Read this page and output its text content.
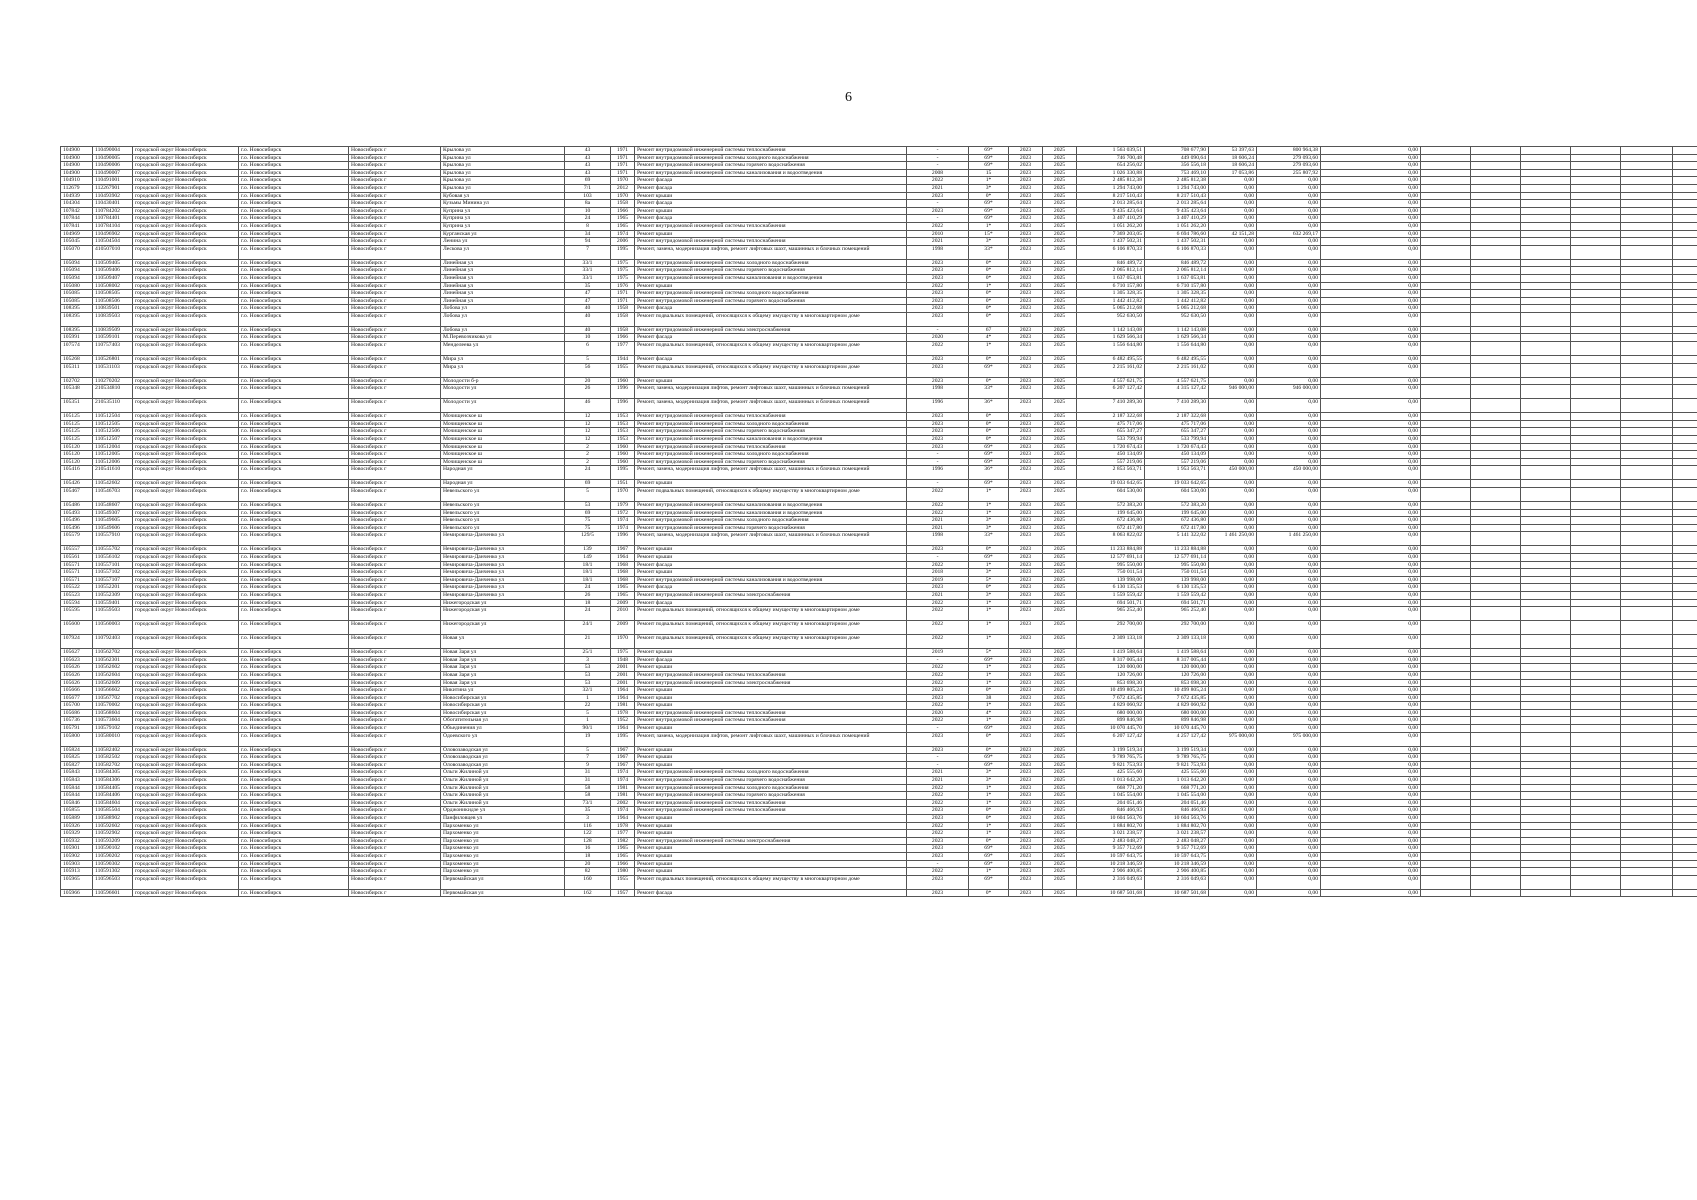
6
104900	110490004	городской округ Новосибирск	г.о. Новосибирск	Новосибирск г	Крылова ул	43	1971	Ремонт внутридомовой инженерной системы теплоснабжения	-	69*	2023	2025	1 563 039,51	708 677,90	53 397,63	800 964,38	0,00						
104900	110490005	городской округ Новосибирск	г.о. Новосибирск	Новосибирск г	Крылова ул	43	1971	Ремонт внутридомовой инженерной системы холодного водоснабжения	-	69*	2023	2025	746 700,48	449 090,64	18 606,24	279 093,60	0,00						
104900	110490006	городской округ Новосибирск	г.о. Новосибирск	Новосибирск г	Крылова ул	43	1971	Ремонт внутридомовой инженерной системы горячего водоснабжения	-	69*	2023	2025	654 256,02	356 556,18	18 606,24	279 093,60	0,00						
104900	110490007	городской округ Новосибирск	г.о. Новосибирск	Новосибирск г	Крылова ул	43	1971	Ремонт внутридомовой инженерной системы канализования и водоотведения	2008	15	2023	2025	1 026 330,88	753 469,10	17 053,86	255 807,92	0,00						
104910	110491001	городской округ Новосибирск	г.о. Новосибирск	Новосибирск г	Крылова ул	69	1970	Ремонт фасада	2022	1*	2023	2025	2 485 812,38	2 485 812,38	0,00	0,00	0,00						
112679	112267901	городской округ Новосибирск	г.о. Новосибирск	Новосибирск г	Крылова ул	7/1	2012	Ремонт фасада	2021	3*	2023	2025	1 294 743,00	1 294 743,00	0,00	0,00	0,00						
104939	110493902	городской округ Новосибирск	г.о. Новосибирск	Новосибирск г	Кубовая ул	103	1970	Ремонт крыши	2023	0*	2023	2025	8 217 510,43	8 217 510,43	0,00	0,00	0,00						
104304	110430401	городской округ Новосибирск	г.о. Новосибирск	Новосибирск г	Кузьмы Минина ул	8а	1958	Ремонт фасада	-	69*	2023	2025	2 013 285,64	2 013 285,64	0,00	0,00	0,00						
107842	110784202	городской округ Новосибирск	г.о. Новосибирск	Новосибирск г	Куприна ул	10	1966	Ремонт крыши	2023	69*	2023	2025	9 435 423,64	9 435 423,64	0,00	0,00	0,00						
107844	110784401	городской округ Новосибирск	г.о. Новосибирск	Новосибирск г	Куприна ул	24	1965	Ремонт фасада	-	69*	2023	2025	3 407 410,29	3 407 410,29	0,00	0,00	0,00						
107841	110784104	городской округ Новосибирск	г.о. Новосибирск	Новосибирск г	Куприна ул	8	1965	Ремонт внутридомовой инженерной системы теплоснабжения	2022	1*	2023	2025	1 051 262,20	1 051 262,20	0,00	0,00	0,00						
104969	110496902	городской округ Новосибирск	г.о. Новосибирск	Новосибирск г	Курганская ул	34	1974	Ремонт крыши	2010	15*	2023	2025	7 369 203,05	6 694 786,60	42 151,28	632 269,17	0,00						
105045	110504504	городской округ Новосибирск	г.о. Новосибирск	Новосибирск г	Ленина ул	94	2006	Ремонт внутридомовой инженерной системы теплоснабжения	2021	3*	2023	2025	1 437 502,31	1 437 502,31	0,00	0,00	0,00						
105070	410507010	городской округ Новосибирск	г.о. Новосибирск	Новосибирск г	Лескова ул	7	1995	Ремонт, замена, модернизация лифтов, ремонт лифтовых шахт, машинных и блочных помещений	1998	33*	2023	2025	6 106 870,33	6 106 870,33	0,00	0,00	0,00						
105094	110509405	городской округ Новосибирск	г.о. Новосибирск	Новосибирск г	Линейная ул	33/1	1975	Ремонт внутридомовой инженерной системы холодного водоснабжения	2023	0*	2023	2025	846 489,72	846 489,72	0,00	0,00	0,00						
105094	110509406	городской округ Новосибирск	г.о. Новосибирск	Новосибирск г	Линейная ул	33/1	1975	Ремонт внутридомовой инженерной системы горячего водоснабжения	2023	0*	2023	2025	2 065 812,14	2 065 812,14	0,00	0,00	0,00						
105094	110509407	городской округ Новосибирск	г.о. Новосибирск	Новосибирск г	Линейная ул	33/1	1975	Ремонт внутридомовой инженерной системы канализования и водоотведения	2023	0*	2023	2025	1 637 053,81	1 637 053,81	0,00	0,00	0,00						
105080	110508002	городской округ Новосибирск	г.о. Новосибирск	Новосибирск г	Линейная ул	35	1976	Ремонт крыши	2022	1*	2023	2025	6 710 157,80	6 710 157,80	0,00	0,00	0,00						
105085	110508505	городской округ Новосибирск	г.о. Новосибирск	Новосибирск г	Линейная ул	47	1971	Ремонт внутридомовой инженерной системы холодного водоснабжения	2023	0*	2023	2025	1 305 328,35	1 305 328,35	0,00	0,00	0,00						
105085	110508506	городской округ Новосибирск	г.о. Новосибирск	Новосибирск г	Линейная ул	47	1971	Ремонт внутридомовой инженерной системы горячего водоснабжения	2023	0*	2023	2025	1 442 412,82	1 442 412,82	0,00	0,00	0,00						
108395	110839501	городской округ Новосибирск	г.о. Новосибирск	Новосибирск г	Лобова ул	40	1958	Ремонт фасада	2023	0*	2023	2025	5 065 212,68	5 065 212,68	0,00	0,00	0,00						
108395	110839503	городской округ Новосибирск	г.о. Новосибирск	Новосибирск г	Лобова ул	40	1958	Ремонт подвальных помещений, относящихся к общему имуществу в многоквартирном доме	2023	0*	2023	2025	952 630,50	952 630,50	0,00	0,00	0,00						
108395	110839509	городской округ Новосибирск	г.о. Новосибирск	Новосибирск г	Лобова ул	40	1958	Ремонт внутридомовой инженерной системы электроснабжения	-	67	2023	2025	1 142 143,08	1 142 143,08	0,00	0,00	0,00						
105991	110599101	городской округ Новосибирск	г.о. Новосибирск	Новосибирск г	М.Перевозчикова ул	10	1966	Ремонт фасада	2020	4*	2023	2025	1 629 566,34	1 629 566,34	0,00	0,00	0,00						
107574	110757403	городской округ Новосибирск	г.о. Новосибирск	Новосибирск г	Менделеева ул	6	1977	Ремонт подвальных помещений, относящихся к общему имуществу в многоквартирном доме	2022	1*	2023	2025	1 556 644,80	1 556 644,80	0,00	0,00	0,00						
105268	110526801	городской округ Новосибирск	г.о. Новосибирск	Новосибирск г	Мира ул	5	1944	Ремонт фасада	2023	0*	2023	2025	6 482 495,55	6 482 495,55	0,00	0,00	0,00						
105311	110531103	городской округ Новосибирск	г.о. Новосибирск	Новосибирск г	Мира ул	56	1955	Ремонт подвальных помещений, относящихся к общему имуществу в многоквартирном доме	2023	69*	2023	2025	2 215 161,02	2 215 161,02	0,00	0,00	0,00						
102702	110270202	городской округ Новосибирск	г.о. Новосибирск	Новосибирск г	Молодости б-р	20	1960	Ремонт крыши	2023	0*	2023	2025	4 557 621,75	4 557 621,75	0,00	0,00	0,00						
105348	210534810	городской округ Новосибирск	г.о. Новосибирск	Новосибирск г	Молодости ул	26	1996	Ремонт, замена, модернизация лифтов, ремонт лифтовых шахт, машинных и блочных помещений	1998	33*	2023	2025	6 207 127,42	4 315 127,42	946 000,00	946 000,00	0,00						
105351	210535110	городской округ Новосибирск	г.о. Новосибирск	Новосибирск г	Молодости ул	46	1996	Ремонт, замена, модернизация лифтов, ремонт лифтовых шахт, машинных и блочных помещений	1996	36*	2023	2025	7 410 289,30	7 410 289,30	0,00	0,00	0,00						
105125	110512504	городской округ Новосибирск	г.о. Новосибирск	Новосибирск г	Мочищенское ш	12	1953	Ремонт внутридомовой инженерной системы теплоснабжения	2023	0*	2023	2025	2 187 322,68	2 187 322,68	0,00	0,00	0,00						
105125	110512505	городской округ Новосибирск	г.о. Новосибирск	Новосибирск г	Мочищенское ш	12	1953	Ремонт внутридомовой инженерной системы холодного водоснабжения	2023	0*	2023	2025	475 717,06	475 717,06	0,00	0,00	0,00						
105125	110512506	городской округ Новосибирск	г.о. Новосибирск	Новосибирск г	Мочищенское ш	12	1953	Ремонт внутридомовой инженерной системы горячего водоснабжения	2023	0*	2023	2025	655 347,27	655 347,27	0,00	0,00	0,00						
105125	110512507	городской округ Новосибирск	г.о. Новосибирск	Новосибирск г	Мочищенское ш	12	1953	Ремонт внутридомовой инженерной системы канализования и водоотведения	2023	0*	2023	2025	533 799,94	533 799,94	0,00	0,00	0,00						
105120	110512004	городской округ Новосибирск	г.о. Новосибирск	Новосибирск г	Мочищенское ш	2	1960	Ремонт внутридомовой инженерной системы теплоснабжения	2023	69*	2023	2025	1 720 674,43	1 720 674,43	0,00	0,00	0,00						
105120	110512005	городской округ Новосибирск	г.о. Новосибирск	Новосибирск г	Мочищенское ш	2	1960	Ремонт внутридомовой инженерной системы холодного водоснабжения	-	69*	2023	2025	450 134,09	450 134,09	0,00	0,00	0,00						
105120	110512006	городской округ Новосибирск	г.о. Новосибирск	Новосибирск г	Мочищенское ш	2	1960	Ремонт внутридомовой инженерной системы горячего водоснабжения	-	69*	2023	2025	557 219,06	557 219,06	0,00	0,00	0,00						
105416	210541610	городской округ Новосибирск	г.о. Новосибирск	Новосибирск г	Народная ул	24	1995	Ремонт, замена, модернизация лифтов, ремонт лифтовых шахт, машинных и блочных помещений	1996	36*	2023	2025	2 853 563,71	1 953 563,71	450 000,00	450 000,00	0,00						
105426	110542602	городской округ Новосибирск	г.о. Новосибирск	Новосибирск г	Народная ул	69	1951	Ремонт крыши	-	69*	2023	2025	19 033 642,65	19 033 642,65	0,00	0,00	0,00						
105467	110546703	городской округ Новосибирск	г.о. Новосибирск	Новосибирск г	Невельского ул	5	1970	Ремонт подвальных помещений, относящихся к общему имуществу в многоквартирном доме	2022	1*	2023	2025	604 530,00	604 530,00	0,00	0,00	0,00						
105486	110548607	городской округ Новосибирск	г.о. Новосибирск	Новосибирск г	Невельского ул	53	1979	Ремонт внутридомовой инженерной системы канализования и водоотведения	2022	1*	2023	2025	572 383,20	572 383,20	0,00	0,00	0,00						
105493	110549307	городской округ Новосибирск	г.о. Новосибирск	Новосибирск г	Невельского ул	69	1972	Ремонт внутридомовой инженерной системы канализования и водоотведения	2022	1*	2023	2025	199 645,00	199 645,00	0,00	0,00	0,00						
105496	110549605	городской округ Новосибирск	г.о. Новосибирск	Новосибирск г	Невельского ул	75	1974	Ремонт внутридомовой инженерной системы холодного водоснабжения	2021	3*	2023	2025	672 436,80	672 436,80	0,00	0,00	0,00						
105496	110549606	городской округ Новосибирск	г.о. Новосибирск	Новосибирск г	Невельского ул	75	1974	Ремонт внутридомовой инженерной системы горячего водоснабжения	2021	3*	2023	2025	672 417,80	672 417,80	0,00	0,00	0,00						
105579	110557910	городской округ Новосибирск	г.о. Новосибирск	Новосибирск г	Немировича-Данченко ул	129/5	1996	Ремонт, замена, модернизация лифтов, ремонт лифтовых шахт, машинных и блочных помещений	1998	33*	2023	2025	8 063 822,02	5 141 322,02	1 461 250,00	1 461 250,00	0,00						
105557	110555702	городской округ Новосибирск	г.о. Новосибирск	Новосибирск г	Немировича-Данченко ул	139	1967	Ремонт крыши	2023	0*	2023	2025	11 233 884,88	11 233 884,88	0,00	0,00	0,00						
105561	110556102	городской округ Новосибирск	г.о. Новосибирск	Новосибирск г	Немировича-Данченко ул	149	1964	Ремонт крыши	-	69*	2023	2025	12 577 691,14	12 577 691,14	0,00	0,00	0,00						
105571	110557101	городской округ Новосибирск	г.о. Новосибирск	Новосибирск г	Немировича-Данченко ул	18/1	1968	Ремонт фасада	2022	1*	2023	2025	995 550,00	995 550,00	0,00	0,00	0,00						
105571	110557102	городской округ Новосибирск	г.о. Новосибирск	Новосибирск г	Немировича-Данченко ул	18/1	1968	Ремонт крыши	2018	3*	2023	2025	750 011,54	750 011,54	0,00	0,00	0,00						
105571	110557107	городской округ Новосибирск	г.о. Новосибирск	Новосибирск г	Немировича-Данченко ул	18/1	1968	Ремонт внутридомовой инженерной системы канализования и водоотведения	2019	5*	2023	2025	139 998,00	139 998,00	0,00	0,00	0,00						
105522	110552201	городской округ Новосибирск	г.о. Новосибирск	Новосибирск г	Немировича-Данченко ул	24	1965	Ремонт фасада	2023	0*	2023	2025	6 130 135,53	6 130 135,53	0,00	0,00	0,00						
105523	110552309	городской округ Новосибирск	г.о. Новосибирск	Новосибирск г	Немировича-Данченко ул	26	1965	Ремонт внутридомовой инженерной системы электроснабжения	2021	3*	2023	2025	1 559 559,42	1 559 559,42	0,00	0,00	0,00						
105594	110559401	городской округ Новосибирск	г.о. Новосибирск	Новосибирск г	Нижегородская ул	18	2009	Ремонт фасада	2022	1*	2023	2025	694 501,71	694 501,71	0,00	0,00	0,00						
105595	110559503	городской округ Новосибирск	г.о. Новосибирск	Новосибирск г	Нижегородская ул	24	2010	Ремонт подвальных помещений, относящихся к общему имуществу в многоквартирном доме	2022	1*	2023	2025	965 252,40	965 252,40	0,00	0,00	0,00						
105600	110560003	городской округ Новосибирск	г.о. Новосибирск	Новосибирск г	Нижегородская ул	24/1	2009	Ремонт подвальных помещений, относящихся к общему имуществу в многоквартирном доме	2022	1*	2023	2025	292 700,00	292 700,00	0,00	0,00	0,00						
107924	110792403	городской округ Новосибирск	г.о. Новосибирск	Новосибирск г	Новая ул	21	1970	Ремонт подвальных помещений, относящихся к общему имуществу в многоквартирном доме	2022	1*	2023	2025	2 309 133,18	2 309 133,18	0,00	0,00	0,00						
105627	110562702	городской округ Новосибирск	г.о. Новосибирск	Новосибирск г	Новая Заря ул	25/1	1975	Ремонт крыши	2019	5*	2023	2025	1 419 588,64	1 419 588,64	0,00	0,00	0,00						
105623	110562301	городской округ Новосибирск	г.о. Новосибирск	Новосибирск г	Новая Заря ул	3	1948	Ремонт фасада	-	69*	2023	2025	8 317 005,44	8 317 005,44	0,00	0,00	0,00						
105626	110562602	городской округ Новосибирск	г.о. Новосибирск	Новосибирск г	Новая Заря ул	53	2001	Ремонт крыши	2022	1*	2023	2025	120 000,00	120 000,00	0,00	0,00	0,00						
105626	110562604	городской округ Новосибирск	г.о. Новосибирск	Новосибирск г	Новая Заря ул	53	2001	Ремонт внутридомовой инженерной системы теплоснабжения	2022	1*	2023	2025	120 726,00	120 726,00	0,00	0,00	0,00						
105626	110562609	городской округ Новосибирск	г.о. Новосибирск	Новосибирск г	Новая Заря ул	53	2001	Ремонт внутридомовой инженерной системы электроснабжения	2022	1*	2023	2025	853 698,30	853 698,30	0,00	0,00	0,00						
105666	110566602	городской округ Новосибирск	г.о. Новосибирск	Новосибирск г	Никитина ул	32/1	1964	Ремонт крыши	2023	0*	2023	2025	10 499 805,24	10 499 805,24	0,00	0,00	0,00						
105677	110567702	городской округ Новосибирск	г.о. Новосибирск	Новосибирск г	Новосибирская ул	1	1964	Ремонт крыши	2023	38	2023	2025	7 672 435,85	7 672 435,85	0,00	0,00	0,00						
105700	110570002	городской округ Новосибирск	г.о. Новосибирск	Новосибирск г	Новосибирская ул	22	1981	Ремонт крыши	2022	1*	2023	2025	4 829 060,92	4 829 060,92	0,00	0,00	0,00						
105686	110568604	городской округ Новосибирск	г.о. Новосибирск	Новосибирск г	Новосибирская ул	5	1978	Ремонт внутридомовой инженерной системы теплоснабжения	2020	4*	2023	2025	680 000,00	680 000,00	0,00	0,00	0,00						
105736	110573604	городской округ Новосибирск	г.о. Новосибирск	Новосибирск г	Обогатительная ул	1	1952	Ремонт внутридомовой инженерной системы теплоснабжения	2022	1*	2023	2025	899 846,98	899 846,98	0,00	0,00	0,00						
105791	110579102	городской округ Новосибирск	г.о. Новосибирск	Новосибирск г	Объединения ул	90/1	1964	Ремонт крыши	-	69*	2023	2025	10 070 445,70	10 070 445,70	0,00	0,00	0,00						
105800	110580010	городской округ Новосибирск	г.о. Новосибирск	Новосибирск г	Одоевского ул	19	1995	Ремонт, замена, модернизация лифтов, ремонт лифтовых шахт, машинных и блочных помещений	2023	0*	2023	2025	6 207 127,42	4 257 127,42	975 000,00	975 000,00	0,00						
105824	110582402	городской округ Новосибирск	г.о. Новосибирск	Новосибирск г	Оловозаводская ул	5	1967	Ремонт крыши	2023	0*	2023	2025	3 199 519,34	3 199 519,34	0,00	0,00	0,00						
105825	110582502	городской округ Новосибирск	г.о. Новосибирск	Новосибирск г	Оловозаводская ул	7	1967	Ремонт крыши	-	69*	2023	2025	9 789 765,75	9 789 765,75	0,00	0,00	0,00						
105827	110582702	городской округ Новосибирск	г.о. Новосибирск	Новосибирск г	Оловозаводская ул	9	1967	Ремонт крыши	-	69*	2023	2025	9 821 753,93	9 821 753,93	0,00	0,00	0,00						
105843	110584305	городской округ Новосибирск	г.о. Новосибирск	Новосибирск г	Ольги Жилиной ул	31	1974	Ремонт внутридомовой инженерной системы холодного водоснабжения	2021	3*	2023	2025	425 555,60	425 555,60	0,00	0,00	0,00						
105843	110584306	городской округ Новосибирск	г.о. Новосибирск	Новосибирск г	Ольги Жилиной ул	31	1974	Ремонт внутридомовой инженерной системы горячего водоснабжения	2021	3*	2023	2025	1 013 642,20	1 013 642,20	0,00	0,00	0,00						
105844	110584405	городской округ Новосибирск	г.о. Новосибирск	Новосибирск г	Ольги Жилиной ул	58	1981	Ремонт внутридомовой инженерной системы холодного водоснабжения	2022	1*	2023	2025	668 771,20	668 771,20	0,00	0,00	0,00						
105844	110584406	городской округ Новосибирск	г.о. Новосибирск	Новосибирск г	Ольги Жилиной ул	58	1981	Ремонт внутридомовой инженерной системы горячего водоснабжения	2022	1*	2023	2025	1 045 554,00	1 045 554,00	0,00	0,00	0,00						
105846	110584604	городской округ Новосибирск	г.о. Новосибирск	Новосибирск г	Ольги Жилиной ул	73/1	2002	Ремонт внутридомовой инженерной системы теплоснабжения	2022	1*	2023	2025	204 051,46	204 051,46	0,00	0,00	0,00						
105855	110585504	городской округ Новосибирск	г.о. Новосибирск	Новосибирск г	Орджоникидзе ул	35	1974	Ремонт внутридомовой инженерной системы теплоснабжения	2023	0*	2023	2025	846 466,93	846 466,93	0,00	0,00	0,00						
105889	110588902	городской округ Новосибирск	г.о. Новосибирск	Новосибирск г	Панфиловцев ул	3	1964	Ремонт крыши	2023	0*	2023	2025	10 604 563,76	10 604 563,76	0,00	0,00	0,00						
105926	110592602	городской округ Новосибирск	г.о. Новосибирск	Новосибирск г	Пархоменко ул	116	1978	Ремонт крыши	2022	1*	2023	2025	1 884 802,70	1 884 802,70	0,00	0,00	0,00						
105929	110592902	городской округ Новосибирск	г.о. Новосибирск	Новосибирск г	Пархоменко ул	122	1977	Ремонт крыши	2022	1*	2023	2025	3 021 238,57	3 021 238,57	0,00	0,00	0,00						
105932	110593209	городской округ Новосибирск	г.о. Новосибирск	Новосибирск г	Пархоменко ул	128	1982	Ремонт внутридомовой инженерной системы электроснабжения	2023	0*	2023	2025	2 483 048,27	2 483 048,27	0,00	0,00	0,00						
105901	110590102	городской округ Новосибирск	г.о. Новосибирск	Новосибирск г	Пархоменко ул	16	1965	Ремонт крыши	2023	69*	2023	2025	9 357 712,69	9 357 712,69	0,00	0,00	0,00						
105902	110590202	городской округ Новосибирск	г.о. Новосибирск	Новосибирск г	Пархоменко ул	18	1965	Ремонт крыши	2023	69*	2023	2025	10 597 643,75	10 597 643,75	0,00	0,00	0,00						
105903	110590302	городской округ Новосибирск	г.о. Новосибирск	Новосибирск г	Пархоменко ул	20	1966	Ремонт крыши	-	69*	2023	2025	10 218 346,59	10 218 346,59	0,00	0,00	0,00						
105913	110591302	городской округ Новосибирск	г.о. Новосибирск	Новосибирск г	Пархоменко ул	82	1980	Ремонт крыши	2022	1*	2023	2025	2 906 400,85	2 906 400,85	0,00	0,00	0,00						
105965	110596503	городской округ Новосибирск	г.о. Новосибирск	Новосибирск г	Первомайская ул	160	1955	Ремонт подвальных помещений, относящихся к общему имуществу в многоквартирном доме	2023	69*	2023	2025	2 316 049,63	2 316 049,63	0,00	0,00	0,00						
105966	110596601	городской округ Новосибирск	г.о. Новосибирск	Новосибирск г	Первомайская ул	162	1957	Ремонт фасада	2023	0*	2023	2025	10 687 501,68	10 687 501,68	0,00	0,00	0,00						
